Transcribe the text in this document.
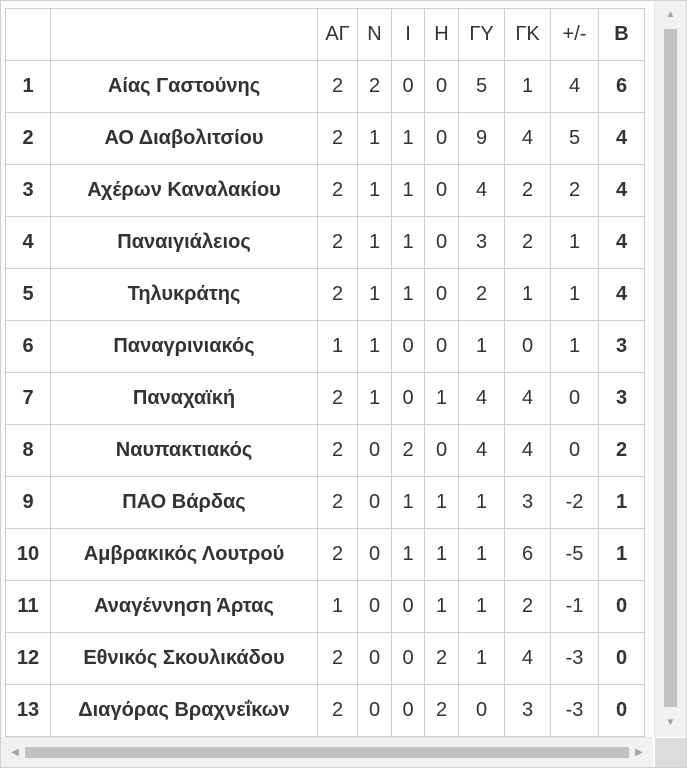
		ΑΓ	Ν	Ι	Η	ΓΥ	ΓΚ	+/-	Β
1	Αίας Γαστούνης	2	2	0	0	5	1	4	6
2	ΑΟ Διαβολιτσίου	2	1	1	0	9	4	5	4
3	Αχέρων Καναλακίου	2	1	1	0	4	2	2	4
4	Παναιγιάλειος	2	1	1	0	3	2	1	4
5	Τηλυκράτης	2	1	1	0	2	1	1	4
6	Παναγρινιακός	1	1	0	0	1	0	1	3
7	Παναχαϊκή	2	1	0	1	4	4	0	3
8	Ναυπακτιακός	2	0	2	0	4	4	0	2
9	ΠΑΟ Βάρδας	2	0	1	1	1	3	-2	1
10	Αμβρακικός Λουτρού	2	0	1	1	1	6	-5	1
11	Αναγέννηση Άρτας	1	0	0	1	1	2	-1	0
12	Εθνικός Σκουλικάδου	2	0	0	2	1	4	-3	0
13	Διαγόρας Βραχνεΐκων	2	0	0	2	0	3	-3	0
▲
▼
◀	▶
